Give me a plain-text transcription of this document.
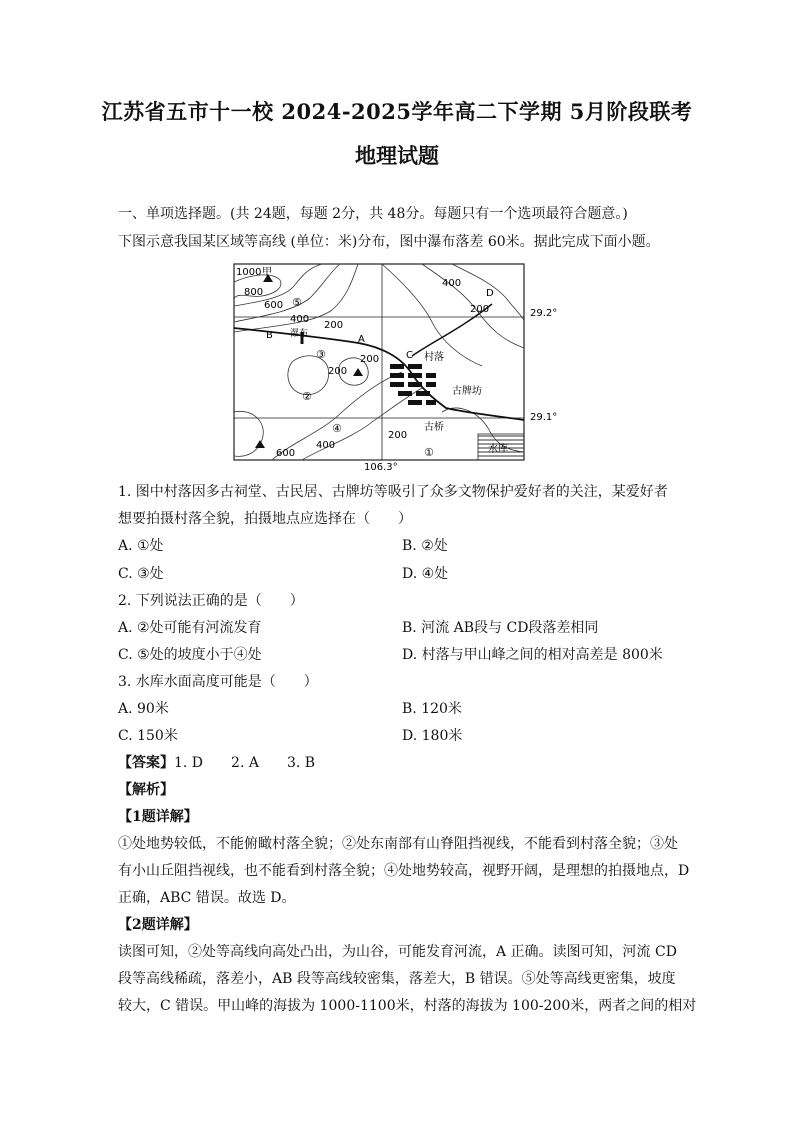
江苏省五市十一校 2024-2025学年高二下学期 5月阶段联考
地理试题
一、单项选择题。(共 24题，每题 2分，共 48分。每题只有一个选项最符合题意。)
下图示意我国某区域等高线 (单位：米)分布，图中瀑布落差 60米。据此完成下面小题。
1000
800
600
400
200
200
400
200
200
400
600
200
甲
瀑布
村落
古牌坊
古桥
水库
A
B
C
D
①
②
③
④
⑤
29.2°
29.1°
106.3°
1. 图中村落因多古祠堂、古民居、古牌坊等吸引了众多文物保护爱好者的关注，某爱好者
想要拍摄村落全貌，拍摄地点应选择在（　　）
A. ①处	B. ②处
C. ③处	D. ④处
2. 下列说法正确的是（　　）
A. ②处可能有河流发育	B. 河流 AB段与 CD段落差相同
C. ⑤处的坡度小于④处	D. 村落与甲山峰之间的相对高差是 800米
3. 水库水面高度可能是（　　）
A. 90米	B. 120米
C. 150米	D. 180米
【答案】1. D　　2. A　　3. B
【解析】
【1题详解】
①处地势较低，不能俯瞰村落全貌；②处东南部有山脊阻挡视线，不能看到村落全貌；③处
有小山丘阻挡视线，也不能看到村落全貌；④处地势较高，视野开阔，是理想的拍摄地点，D
正确，ABC 错误。故选 D。
【2题详解】
读图可知，②处等高线向高处凸出，为山谷，可能发育河流，A 正确。读图可知，河流 CD
段等高线稀疏，落差小，AB 段等高线较密集，落差大，B 错误。⑤处等高线更密集，坡度
较大，C 错误。甲山峰的海拔为 1000-1100米，村落的海拔为 100-200米，两者之间的相对
